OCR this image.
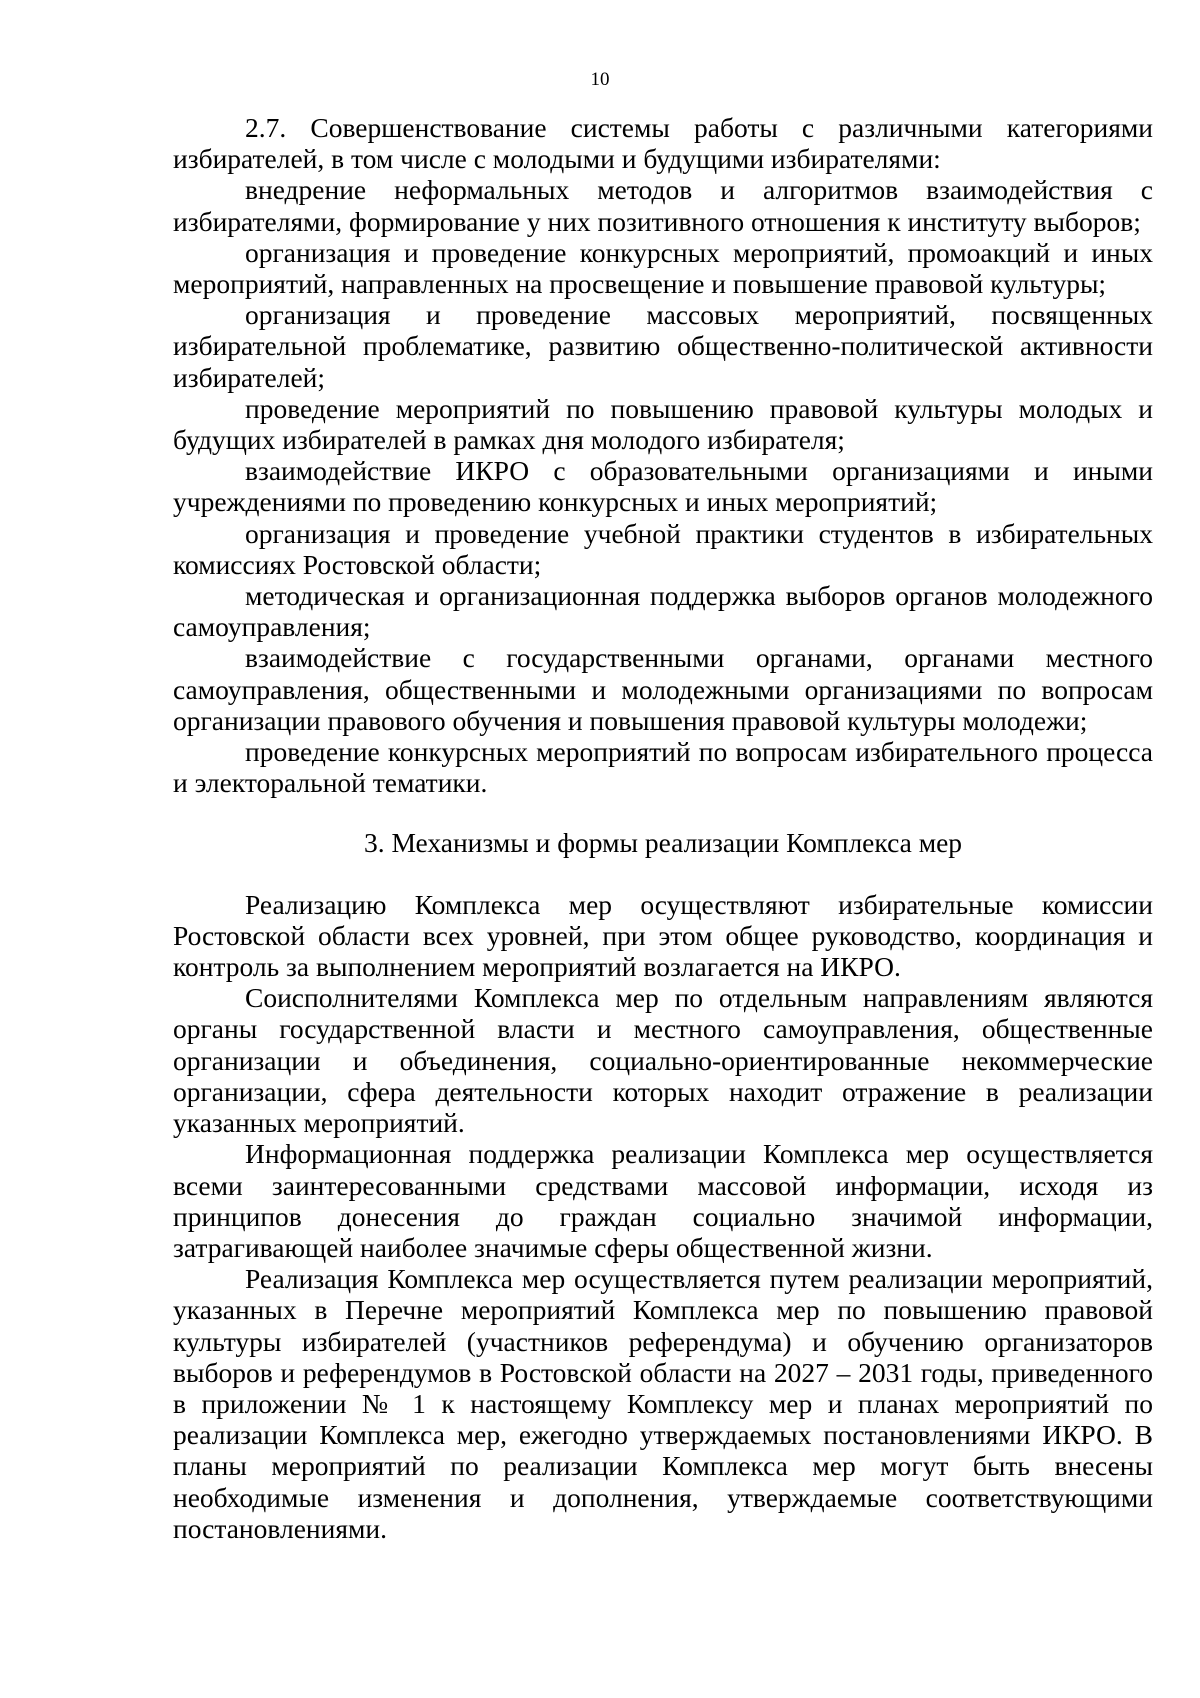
10

2.7. Совершенствование системы работы с различными категориями избирателей, в том числе с молодыми и будущими избирателями:

внедрение неформальных методов и алгоритмов взаимодействия с избирателями, формирование у них позитивного отношения к институту выборов;

организация и проведение конкурсных мероприятий, промоакций и иных мероприятий, направленных на просвещение и повышение правовой культуры;

организация и проведение массовых мероприятий, посвященных избирательной проблематике, развитию общественно-политической активности избирателей;

проведение мероприятий по повышению правовой культуры молодых и будущих избирателей в рамках дня молодого избирателя;

взаимодействие ИКРО с образовательными организациями и иными учреждениями по проведению конкурсных и иных мероприятий;

организация и проведение учебной практики студентов в избирательных комиссиях Ростовской области;

методическая и организационная поддержка выборов органов молодежного самоуправления;

взаимодействие с государственными органами, органами местного самоуправления, общественными и молодежными организациями по вопросам организации правового обучения и повышения правовой культуры молодежи;

проведение конкурсных мероприятий по вопросам избирательного процесса и электоральной тематики.

3. Механизмы и формы реализации Комплекса мер

Реализацию Комплекса мер осуществляют избирательные комиссии Ростовской области всех уровней, при этом общее руководство, координация и контроль за выполнением мероприятий возлагается на ИКРО.

Соисполнителями Комплекса мер по отдельным направлениям являются органы государственной власти и местного самоуправления, общественные организации и объединения, социально-ориентированные некоммерческие организации, сфера деятельности которых находит отражение в реализации указанных мероприятий.

Информационная поддержка реализации Комплекса мер осуществляется всеми заинтересованными средствами массовой информации, исходя из принципов донесения до граждан социально значимой информации, затрагивающей наиболее значимые сферы общественной жизни.

Реализация Комплекса мер осуществляется путем реализации мероприятий, указанных в Перечне мероприятий Комплекса мер по повышению правовой культуры избирателей (участников референдума) и обучению организаторов выборов и референдумов в Ростовской области на 2027 – 2031 годы, приведенного в приложении № 1 к настоящему Комплексу мер и планах мероприятий по реализации Комплекса мер, ежегодно утверждаемых постановлениями ИКРО. В планы мероприятий по реализации Комплекса мер могут быть внесены необходимые изменения и дополнения, утверждаемые соответствующими постановлениями.
